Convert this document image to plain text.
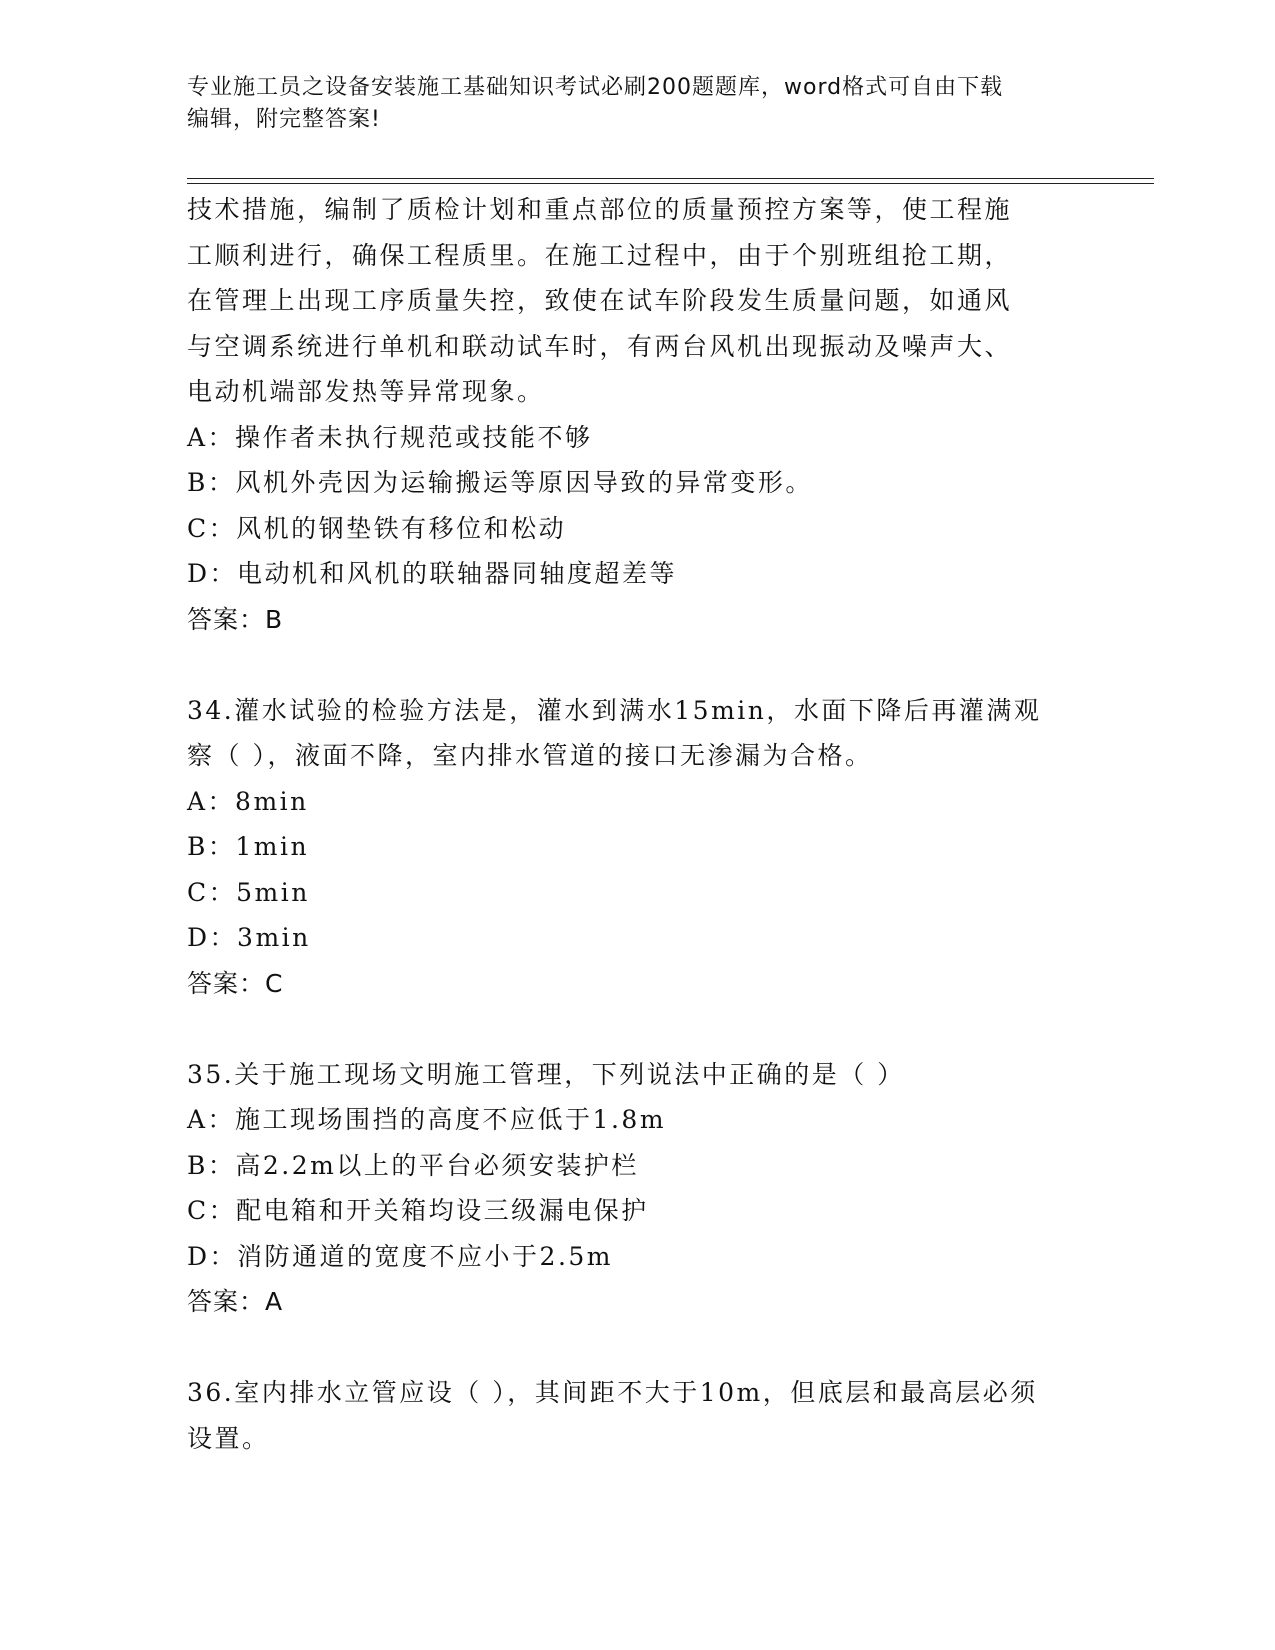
专业施工员之设备安装施工基础知识考试必刷200题题库，word格式可自由下载
编辑，附完整答案!

技术措施，编制了质检计划和重点部位的质量预控方案等，使工程施

工顺利进行，确保工程质里。在施工过程中，由于个别班组抢工期，

在管理上出现工序质量失控，致使在试车阶段发生质量问题，如通风

与空调系统进行单机和联动试车时，有两台风机出现振动及噪声大、

电动机端部发热等异常现象。

A：操作者未执行规范或技能不够

B：风机外壳因为运输搬运等原因导致的异常变形。

C：风机的钢垫铁有移位和松动

D：电动机和风机的联轴器同轴度超差等

答案：B

34.灌水试验的检验方法是，灌水到满水15min，水面下降后再灌满观

察（ ），液面不降，室内排水管道的接口无渗漏为合格。

A：8min

B：1min

C：5min

D：3min

答案：C

35.关于施工现场文明施工管理，下列说法中正确的是（ ）

A：施工现场围挡的高度不应低于1.8m

B：高2.2m以上的平台必须安装护栏

C：配电箱和开关箱均设三级漏电保护

D：消防通道的宽度不应小于2.5m

答案：A

36.室内排水立管应设（ ），其间距不大于10m，但底层和最高层必须

设置。
